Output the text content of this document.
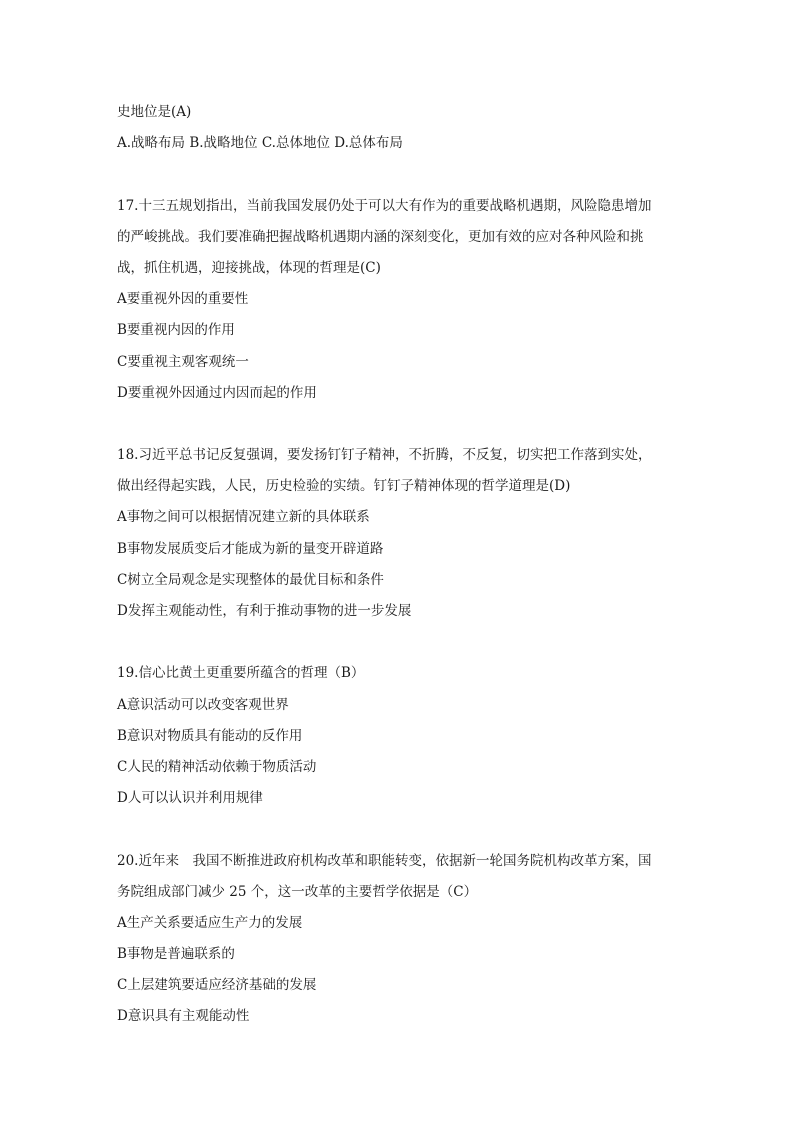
史地位是(A)
A.战略布局 B.战略地位 C.总体地位 D.总体布局
17.十三五规划指出，当前我国发展仍处于可以大有作为的重要战略机遇期，风险隐患增加
的严峻挑战。我们要准确把握战略机遇期内涵的深刻变化，更加有效的应对各种风险和挑
战，抓住机遇，迎接挑战，体现的哲理是(C)
A要重视外因的重要性
B要重视内因的作用
C要重视主观客观统一
D要重视外因通过内因而起的作用
18.习近平总书记反复强调，要发扬钉钉子精神，不折腾，不反复，切实把工作落到实处，
做出经得起实践，人民，历史检验的实绩。钉钉子精神体现的哲学道理是(D)
A事物之间可以根据情况建立新的具体联系
B事物发展质变后才能成为新的量变开辟道路
C树立全局观念是实现整体的最优目标和条件
D发挥主观能动性，有利于推动事物的进一步发展
19.信心比黄土更重要所蕴含的哲理（B）
A意识活动可以改变客观世界
B意识对物质具有能动的反作用
C人民的精神活动依赖于物质活动
D人可以认识并利用规律
20.近年来　我国不断推进政府机构改革和职能转变，依据新一轮国务院机构改革方案，国
务院组成部门减少 25 个，这一改革的主要哲学依据是（C）
A生产关系要适应生产力的发展
B事物是普遍联系的
C上层建筑要适应经济基础的发展
D意识具有主观能动性
